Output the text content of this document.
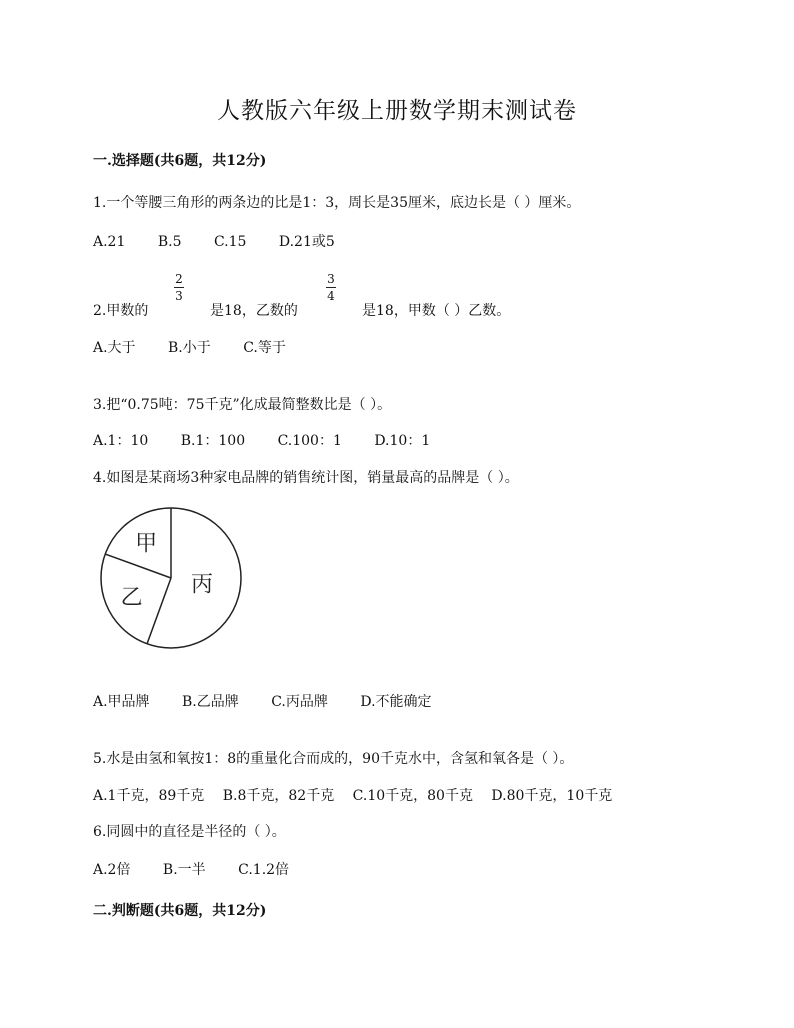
人教版六年级上册数学期末测试卷
一.选择题(共6题，共12分)
1.一个等腰三角形的两条边的比是1：3，周长是35厘米，底边长是（ ）厘米。
A.21 B.5 C.15 D.21或5
2.甲数的
$\frac{2}{3}$
是18，乙数的
$\frac{3}{4}$
是18，甲数（ ）乙数。
A.大于 B.小于 C.等于
3.把“0.75吨：75千克”化成最简整数比是（ ）。
A.1：10 B.1：100 C.100：1 D.10：1
4.如图是某商场3种家电品牌的销售统计图，销量最高的品牌是（ ）。
甲
乙
丙
A.甲品牌 B.乙品牌 C.丙品牌 D.不能确定
5.水是由氢和氧按1：8的重量化合而成的，90千克水中，含氢和氧各是（ ）。
A.1千克，89千克 B.8千克，82千克 C.10千克，80千克 D.80千克，10千克
6.同圆中的直径是半径的（ ）。
A.2倍 B.一半 C.1.2倍
二.判断题(共6题，共12分)
